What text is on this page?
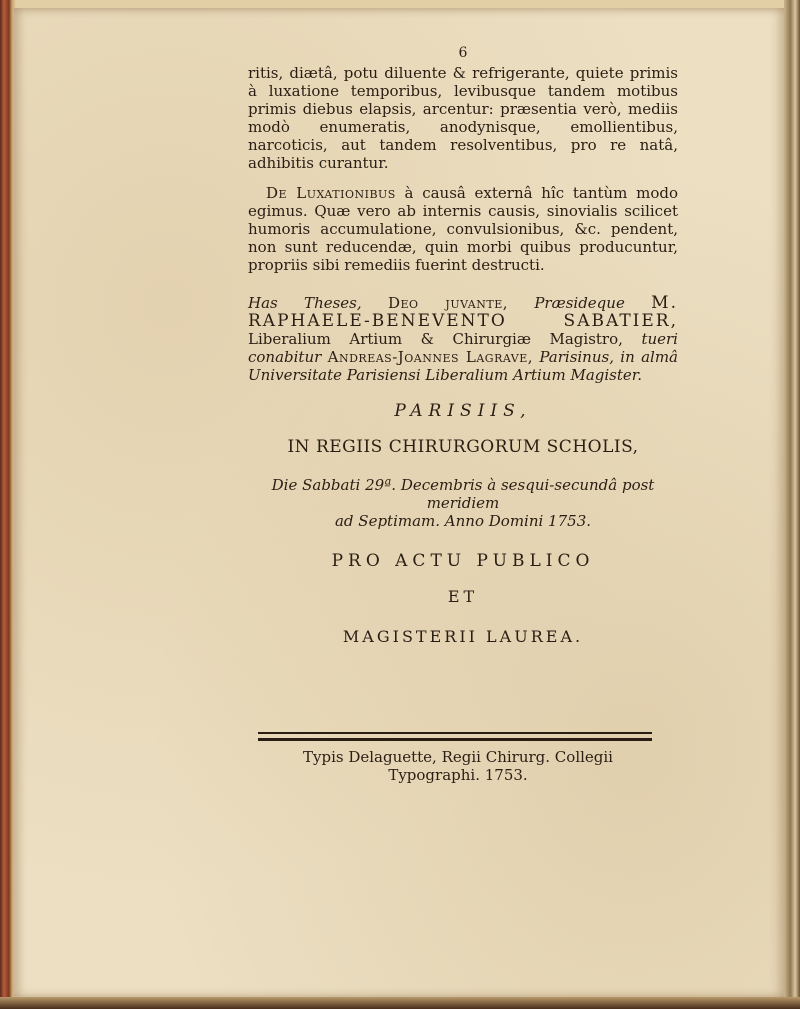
6

ritis, diætâ, potu diluente & refrigerante, quiete primis à luxatione temporibus, levibusque tandem motibus primis diebus elapsis, arcentur: præsentia verò, mediis modò enumeratis, anodynisque, emollientibus, narcoticis, aut tandem resolventibus, pro re natâ, adhibitis curantur.

De Luxationibus à causâ externâ hîc tantùm modo egimus. Quæ vero ab internis causis, sinovialis scilicet humoris accumulatione, convulsionibus, &c. pendent, non sunt reducendæ, quin morbi quibus producuntur, propriis sibi remediis fuerint destructi.

Has Theses, Deo juvante, Præsideque M. RAPHAELE-BENEVENTO SABATIER, Liberalium Artium & Chirurgiæ Magistro, tueri conabitur Andreas-Joannes Lagrave, Parisinus, in almâ Universitate Parisiensi Liberalium Artium Magister.
PARISIIS,
IN REGIIS CHIRURGORUM SCHOLIS,
Die Sabbati 29ª. Decembris à sesqui-secundâ post meridiem
ad Septimam. Anno Domini 1753.
PRO ACTU PUBLICO
ET
MAGISTERII LAUREA.
Typis Delaguette, Regii Chirurg. Collegii
Typographi. 1753.
